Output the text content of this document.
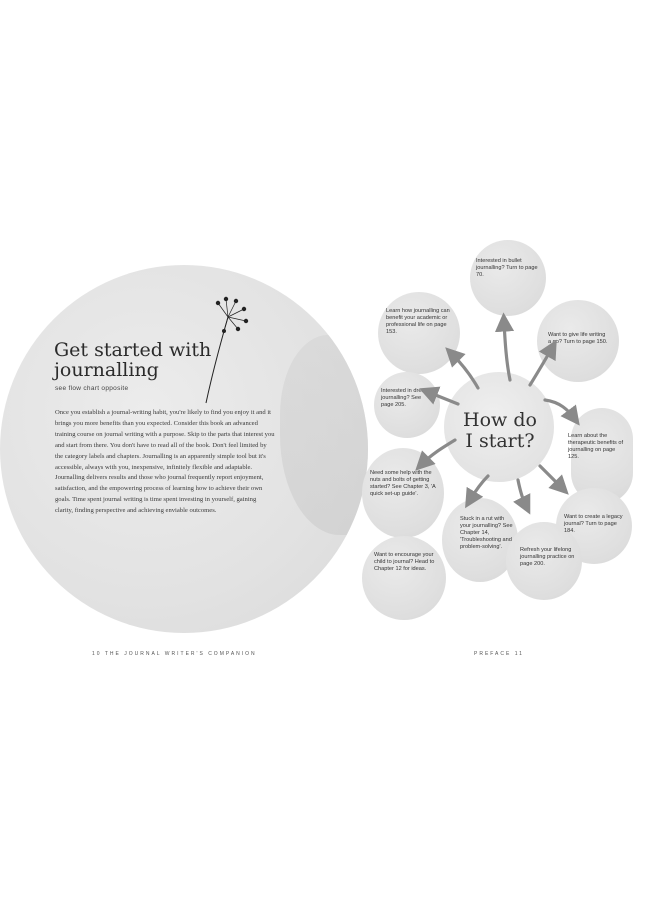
Get started with journalling
see flow chart opposite

Once you establish a journal-writing habit, you're likely to find you enjoy it and it brings you more benefits than you expected. Consider this book an advanced training course on journal writing with a purpose. Skip to the parts that interest you and start from there. You don't have to read all of the book. Don't feel limited by the category labels and chapters. Journalling is an apparently simple tool but it's accessible, always with you, inexpensive, infinitely flexible and adaptable. Journalling delivers results and those who journal frequently report enjoyment, satisfaction, and the empowering process of learning how to achieve their own goals. Time spent journal writing is time spent investing in yourself, gaining clarity, finding perspective and achieving enviable outcomes.

10 THE JOURNAL WRITER'S COMPANION
How do I start?
Interested in bullet journalling? Turn to page 70.
Learn how journalling can benefit your academic or professional life on page 153.	Want to give life writing a go? Turn to page 150.
Interested in dream journalling? See page 205.
Learn about the therapeutic benefits of journalling on page 125.
Need some help with the nuts and bolts of getting started? See Chapter 3, 'A quick set-up guide'.
Want to create a legacy journal? Turn to page 184.
Stuck in a rut with your journalling? See Chapter 14, 'Troubleshooting and problem-solving'.	Refresh your lifelong journalling practice on page 200.
Want to encourage your child to journal? Head to Chapter 12 for ideas.
PREFACE 11
